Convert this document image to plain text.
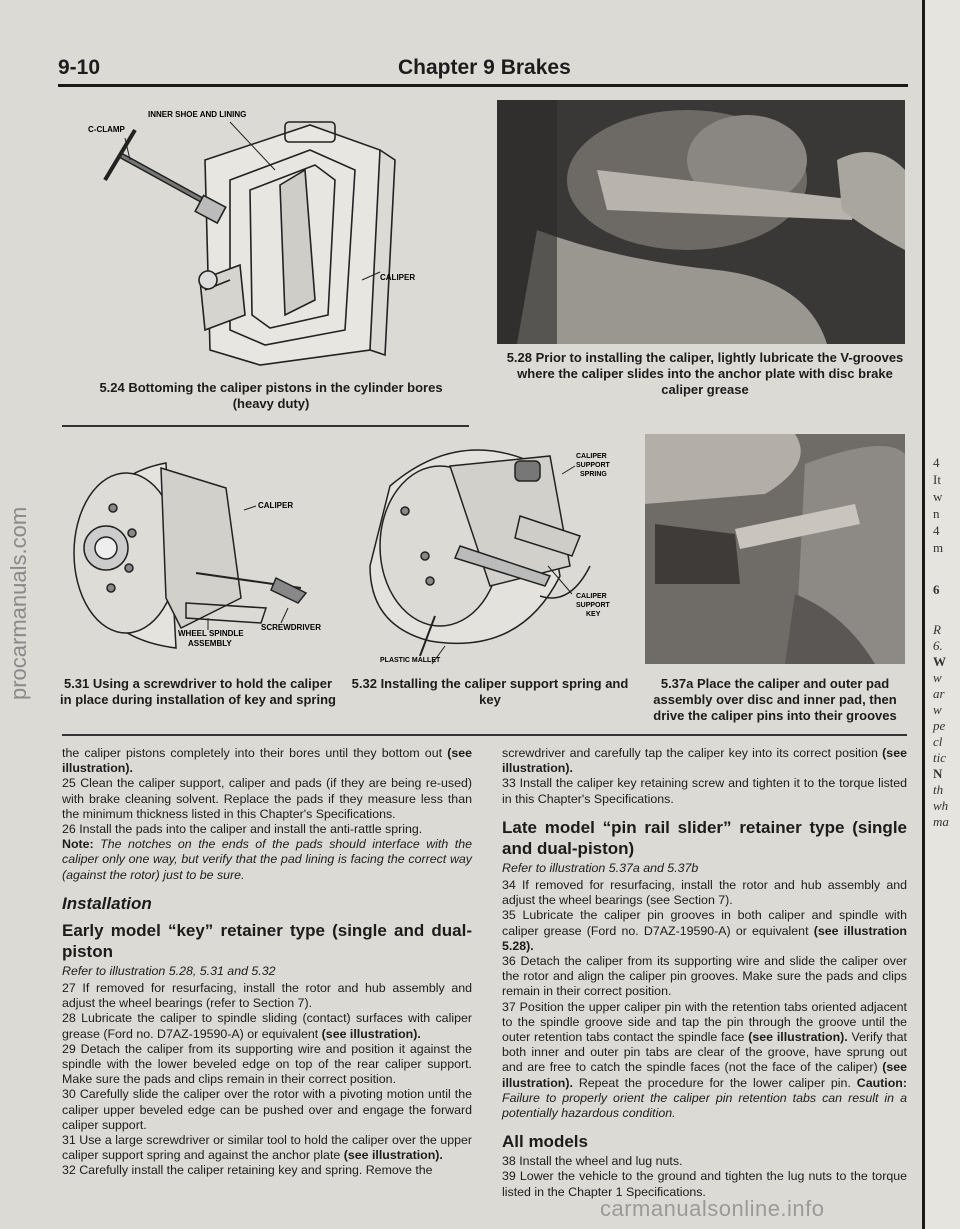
9-10	Chapter 9 Brakes
C-CLAMP
INNER SHOE AND LINING
CALIPER
5.24 Bottoming the caliper pistons in the cylinder bores (heavy duty)
5.28 Prior to installing the caliper, lightly lubricate the V-grooves where the caliper slides into the anchor plate with disc brake caliper grease
CALIPER
WHEEL SPINDLE
ASSEMBLY
SCREWDRIVER
5.31 Using a screwdriver to hold the caliper in place during installation of key and spring
CALIPER
SUPPORT
SPRING
CALIPER
SUPPORT
KEY
PLASTIC MALLET
5.32 Installing the caliper support spring and key
5.37a Place the caliper and outer pad assembly over disc and inner pad, then drive the caliper pins into their grooves

the caliper pistons completely into their bores until they bottom out (see illustration).

25 Clean the caliper support, caliper and pads (if they are being re-used) with brake cleaning solvent. Replace the pads if they measure less than the minimum thickness listed in this Chapter's Specifications.

26 Install the pads into the caliper and install the anti-rattle spring.

Note: The notches on the ends of the pads should interface with the caliper only one way, but verify that the pad lining is facing the correct way (against the rotor) just to be sure.

Installation
Early model “key” retainer type (single and dual-piston

Refer to illustration 5.28, 5.31 and 5.32

27 If removed for resurfacing, install the rotor and hub assembly and adjust the wheel bearings (refer to Section 7).

28 Lubricate the caliper to spindle sliding (contact) surfaces with caliper grease (Ford no. D7AZ-19590-A) or equivalent (see illustration).

29 Detach the caliper from its supporting wire and position it against the spindle with the lower beveled edge on top of the rear caliper support. Make sure the pads and clips remain in their correct position.

30 Carefully slide the caliper over the rotor with a pivoting motion until the caliper upper beveled edge can be pushed over and engage the forward caliper support.

31 Use a large screwdriver or similar tool to hold the caliper over the upper caliper support spring and against the anchor plate (see illustration).

32 Carefully install the caliper retaining key and spring. Remove the

screwdriver and carefully tap the caliper key into its correct position (see illustration).

33 Install the caliper key retaining screw and tighten it to the torque listed in this Chapter's Specifications.

Late model “pin rail slider” retainer type (single and dual-piston)

Refer to illustration 5.37a and 5.37b

34 If removed for resurfacing, install the rotor and hub assembly and adjust the wheel bearings (see Section 7).

35 Lubricate the caliper pin grooves in both caliper and spindle with caliper grease (Ford no. D7AZ-19590-A) or equivalent (see illustration 5.28).

36 Detach the caliper from its supporting wire and slide the caliper over the rotor and align the caliper pin grooves. Make sure the pads and clips remain in their correct position.

37 Position the upper caliper pin with the retention tabs oriented adjacent to the spindle groove side and tap the pin through the groove until the outer retention tabs contact the spindle face (see illustration). Verify that both inner and outer pin tabs are clear of the groove, have sprung out and are free to catch the spindle faces (not the face of the caliper) (see illustration). Repeat the procedure for the lower caliper pin. Caution: Failure to properly orient the caliper pin retention tabs can result in a potentially hazardous condition.

All models

38 Install the wheel and lug nuts.

39 Lower the vehicle to the ground and tighten the lug nuts to the torque listed in the Chapter 1 Specifications.

4
It
w
n
4
m
6
R
6.
W
w
ar
w
pe
cl
tic
N
th
wh
ma
procarmanuals.com
carmanualsonline.info
